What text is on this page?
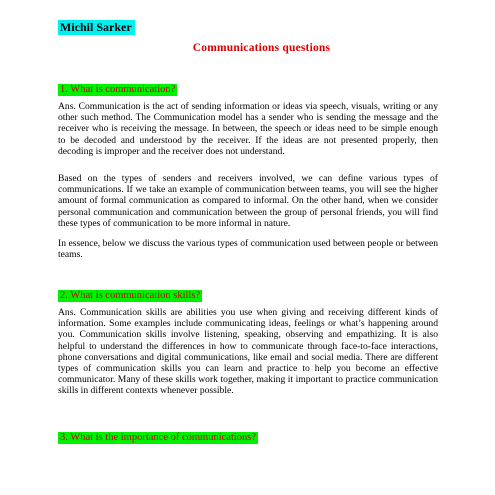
Michil Sarker
Communications questions
1. What is communication?
Ans. Communication is the act of sending information or ideas via speech, visuals, writing or any other such method. The Communication model has a sender who is sending the message and the receiver who is receiving the message. In between, the speech or ideas need to be simple enough to be decoded and understood by the receiver. If the ideas are not presented properly, then decoding is improper and the receiver does not understand.
Based on the types of senders and receivers involved, we can define various types of communications. If we take an example of communication between teams, you will see the higher amount of formal communication as compared to informal. On the other hand, when we consider personal communication and communication between the group of personal friends, you will find these types of communication to be more informal in nature.
In essence, below we discuss the various types of communication used between people or between teams.
2. What is communication skills?
Ans. Communication skills are abilities you use when giving and receiving different kinds of information. Some examples include communicating ideas, feelings or what’s happening around you. Communication skills involve listening, speaking, observing and empathizing. It is also helpful to understand the differences in how to communicate through face-to-face interactions, phone conversations and digital communications, like email and social media. There are different types of communication skills you can learn and practice to help you become an effective communicator. Many of these skills work together, making it important to practice communication skills in different contexts whenever possible.
3. What is the importance of communications?
